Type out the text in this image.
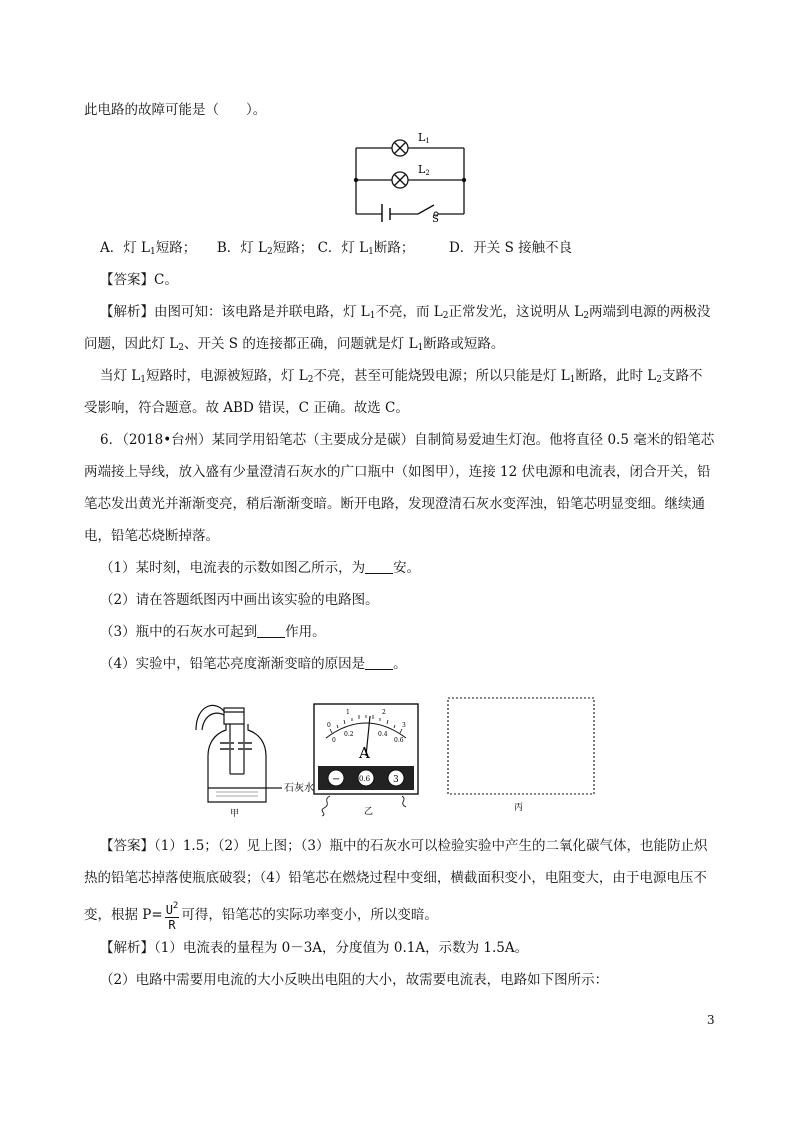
此电路的故障可能是（　　）。
L1
L2
S
A．灯 $L_1$短路； B．灯 $L_2$短路； C．灯 $L_1$断路；	D．开关 S 接触不良
【答案】C。
【解析】由图可知：该电路是并联电路，灯 $L_1$不亮，而 $L_2$正常发光，这说明从 $L_2$两端到电源的两极没
问题，因此灯 $L_2$、开关 S 的连接都正确，问题就是灯 $L_1$断路或短路。
当灯 $L_1$短路时，电源被短路，灯 $L_2$不亮，甚至可能烧毁电源；所以只能是灯 $L_1$断路，此时 $L_2$支路不
受影响，符合题意。故 ABD 错误，C 正确。故选 C。
6．（2018•台州）某同学用铅笔芯（主要成分是碳）自制简易爱迪生灯泡。他将直径 0.5 毫米的铅笔芯
两端接上导线，放入盛有少量澄清石灰水的广口瓶中（如图甲），连接 12 伏电源和电流表，闭合开关，铅
笔芯发出黄光并渐渐变亮，稍后渐渐变暗。断开电路，发现澄清石灰水变浑浊，铅笔芯明显变细。继续通
电，铅笔芯烧断掉落。
（1）某时刻，电流表的示数如图乙所示，为 安。
（2）请在答题纸图丙中画出该实验的电路图。
（3）瓶中的石灰水可起到 作用。
（4）实验中，铅笔芯亮度渐渐变暗的原因是 。
石灰水
甲
0
1	2
3
0
0.2	0.4
0.6
A
−	0.6	3
乙	丙
【答案】（1）1.5；（2）见上图；（3）瓶中的石灰水可以检验实验中产生的二氧化碳气体，也能防止炽
热的铅笔芯掉落使瓶底破裂；（4）铅笔芯在燃烧过程中变细，横截面积变小，电阻变大，由于电源电压不
变，根据 $P= \frac{U^2}{R}$ 可得，铅笔芯的实际功率变小，所以变暗。
【解析】（1）电流表的量程为 0－3A，分度值为 0.1A，示数为 1.5A。
（2）电路中需要用电流的大小反映出电阻的大小，故需要电流表，电路如下图所示：
3
